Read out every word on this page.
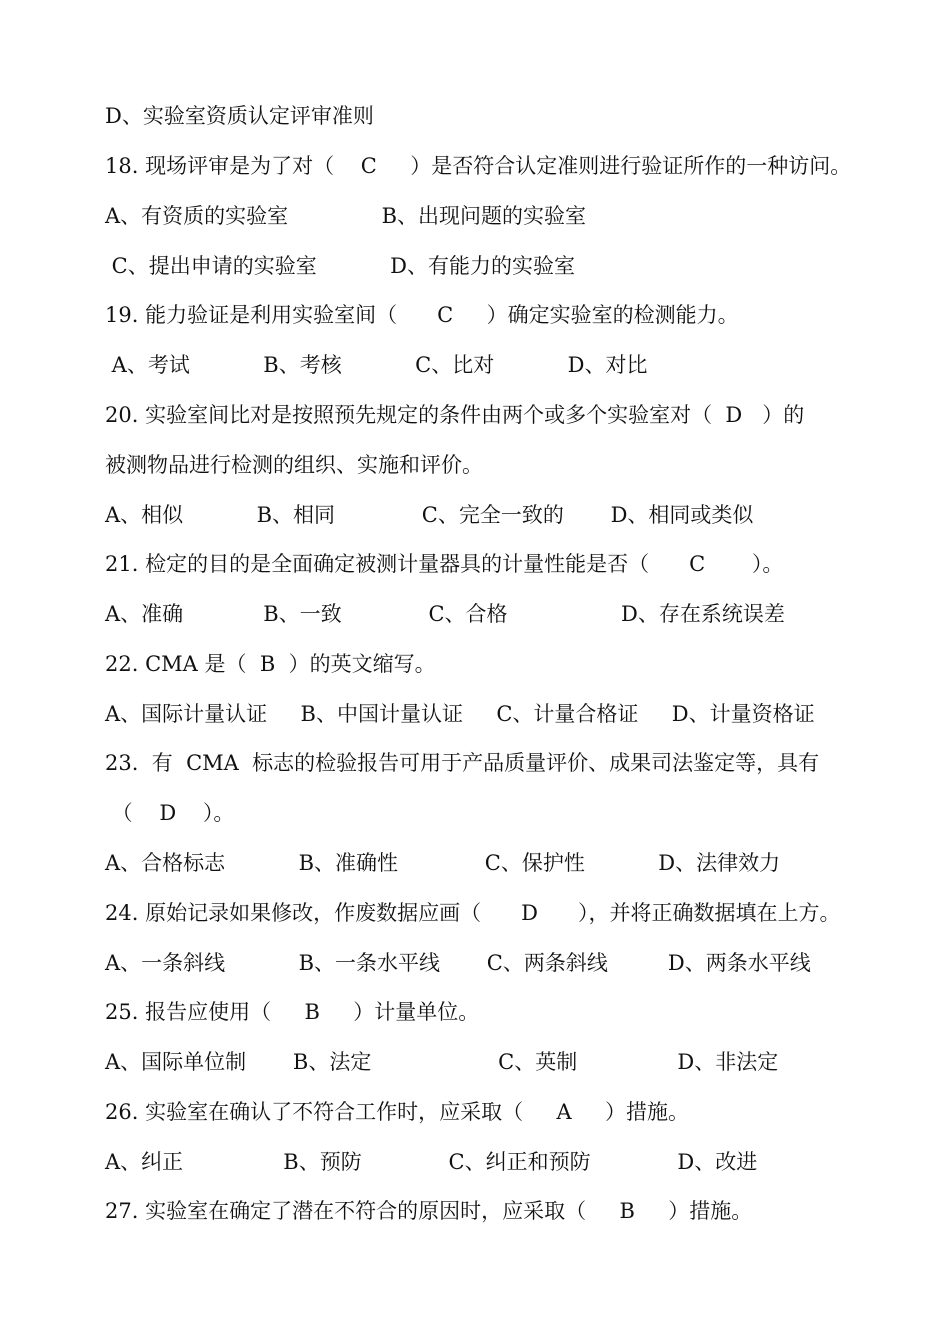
D、实验室资质认定评审准则
18. 现场评审是为了对（    C     ）是否符合认定准则进行验证所作的一种访问。
A、有资质的实验室              B、出现问题的实验室
C、提出申请的实验室           D、有能力的实验室
19. 能力验证是利用实验室间（      C     ）确定实验室的检测能力。
A、考试           B、考核           C、比对           D、对比
20. 实验室间比对是按照预先规定的条件由两个或多个实验室对（  D   ）的
被测物品进行检测的组织、实施和评价。
A、相似           B、相同             C、完全一致的       D、相同或类似
21. 检定的目的是全面确定被测计量器具的计量性能是否（      C       ）。
A、准确            B、一致             C、合格                 D、存在系统误差
22. CMA 是（  B  ）的英文缩写。
A、国际计量认证     B、中国计量认证     C、计量合格证     D、计量资格证
23.  有  CMA  标志的检验报告可用于产品质量评价、成果司法鉴定等，具有
（    D    ）。
A、合格标志           B、准确性             C、保护性           D、法律效力
24. 原始记录如果修改，作废数据应画（      D      ），并将正确数据填在上方。
A、一条斜线           B、一条水平线       C、两条斜线         D、两条水平线
25. 报告应使用（     B     ）计量单位。
A、国际单位制       B、法定                   C、英制               D、非法定
26. 实验室在确认了不符合工作时，应采取（     A     ）措施。
A、纠正               B、预防             C、纠正和预防             D、改进
27. 实验室在确定了潜在不符合的原因时，应采取（     B     ）措施。
